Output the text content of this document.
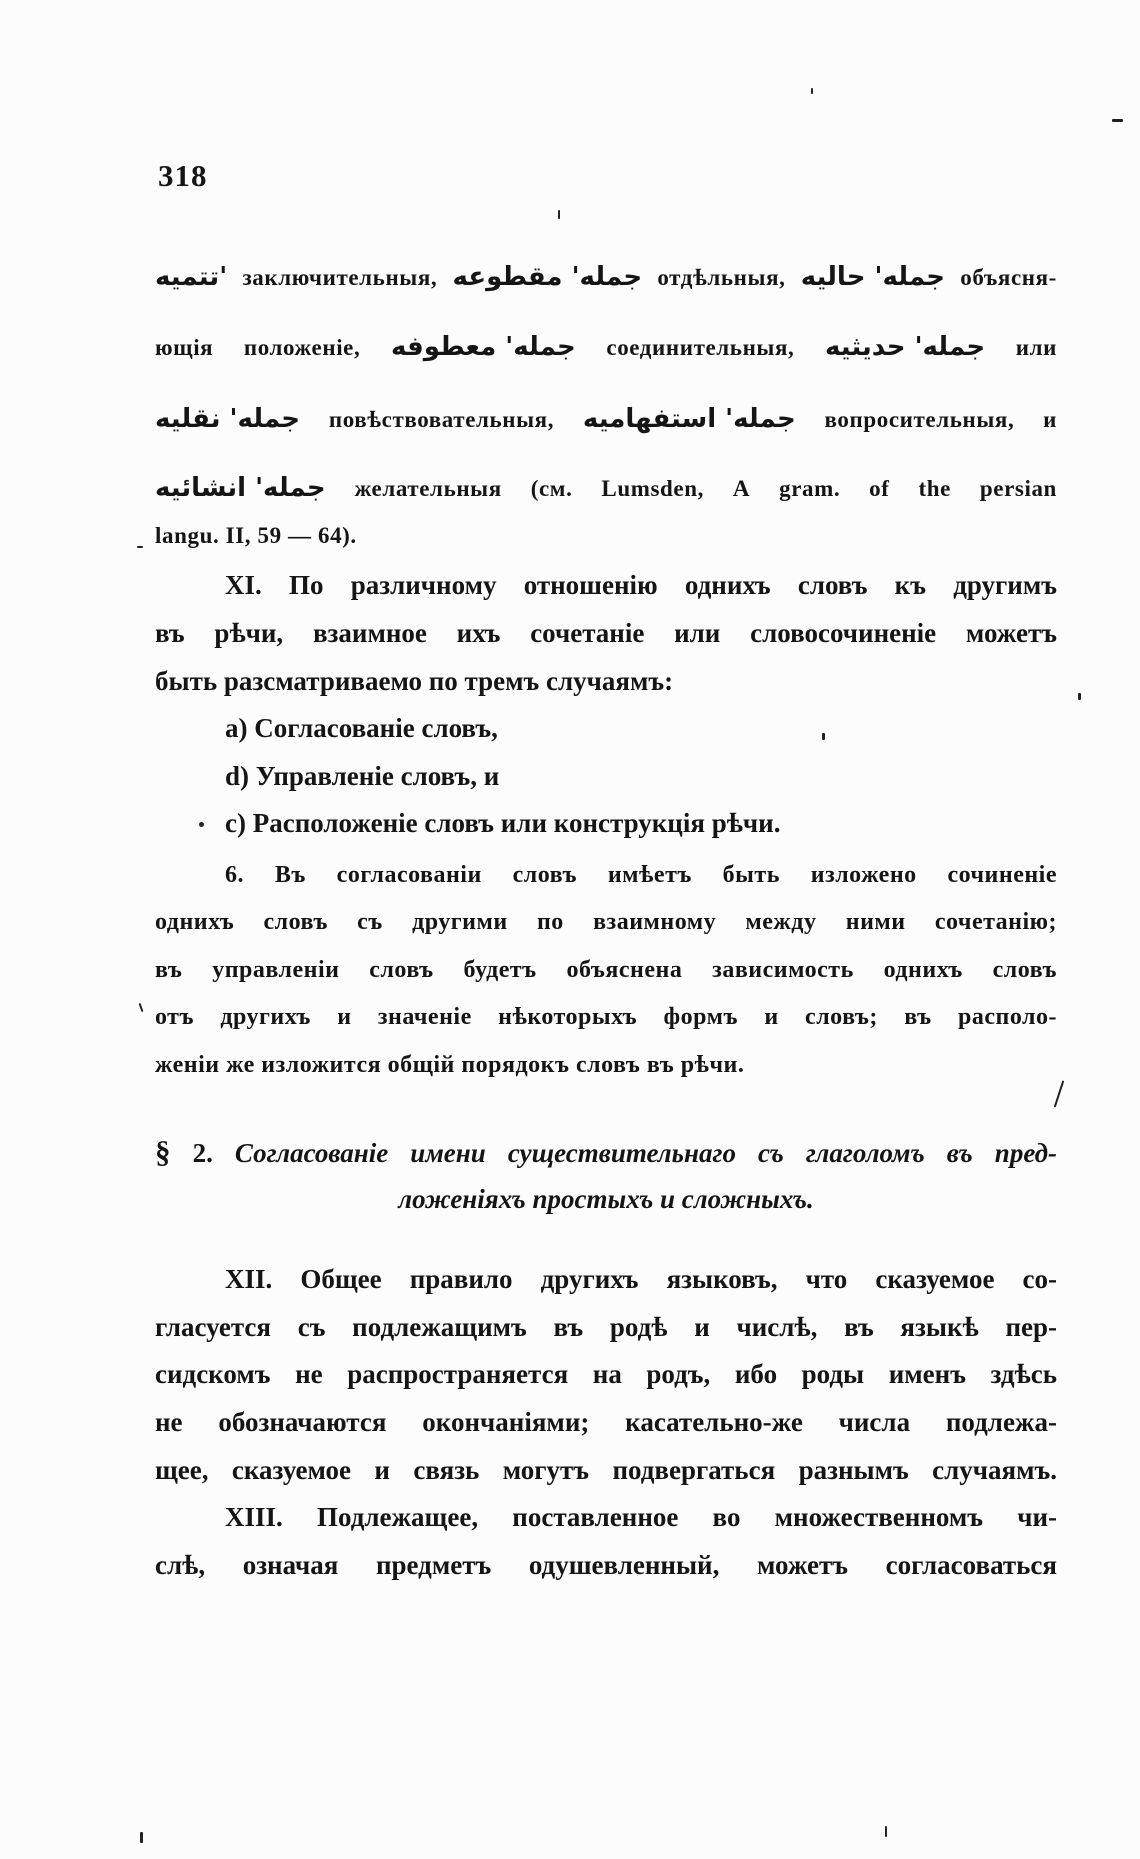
318
'تتميه заключительныя, جمله' مقطوعه отдѣльныя, جمله' حاليه объясня-
ющія положеніе, جمله' معطوفه соединительныя, جمله' حديثيه или
جمله' نقليه повѣствовательныя, جمله' استفهاميه вопросительныя, и
جمله' انشائيه желательныя (см. Lumsden, A gram. of the persian
langu. II, 59 — 64).
XI. По различному отношенію однихъ словъ къ другимъ
въ рѣчи, взаимное ихъ сочетаніе или словосочиненіе можетъ
быть разсматриваемо по тремъ случаямъ:
a) Согласованіе словъ,
d) Управленіе словъ, и
c) Расположеніе словъ или конструкція рѣчи.
6. Въ согласованіи словъ имѣетъ быть изложено сочиненіе
однихъ словъ съ другими по взаимному между ними сочетанію;
въ управленіи словъ будетъ объяснена зависимость однихъ словъ
отъ другихъ и значеніе нѣкоторыхъ формъ и словъ; въ располо-
женіи же изложится общій порядокъ словъ въ рѣчи.
§ 2. Согласованіе имени существительнаго съ глаголомъ въ пред-
ложеніяхъ простыхъ и сложныхъ.
XII. Общее правило другихъ языковъ, что сказуемое со-
гласуется съ подлежащимъ въ родѣ и числѣ, въ языкѣ пер-
сидскомъ не распространяется на родъ, ибо роды именъ здѣсь
не обозначаются окончаніями; касательно-же числа подлежа-
щее, сказуемое и связь могутъ подвергаться разнымъ случаямъ.
XIII. Подлежащее, поставленное во множественномъ чи-
слѣ, означая предметъ одушевленный, можетъ согласоваться
